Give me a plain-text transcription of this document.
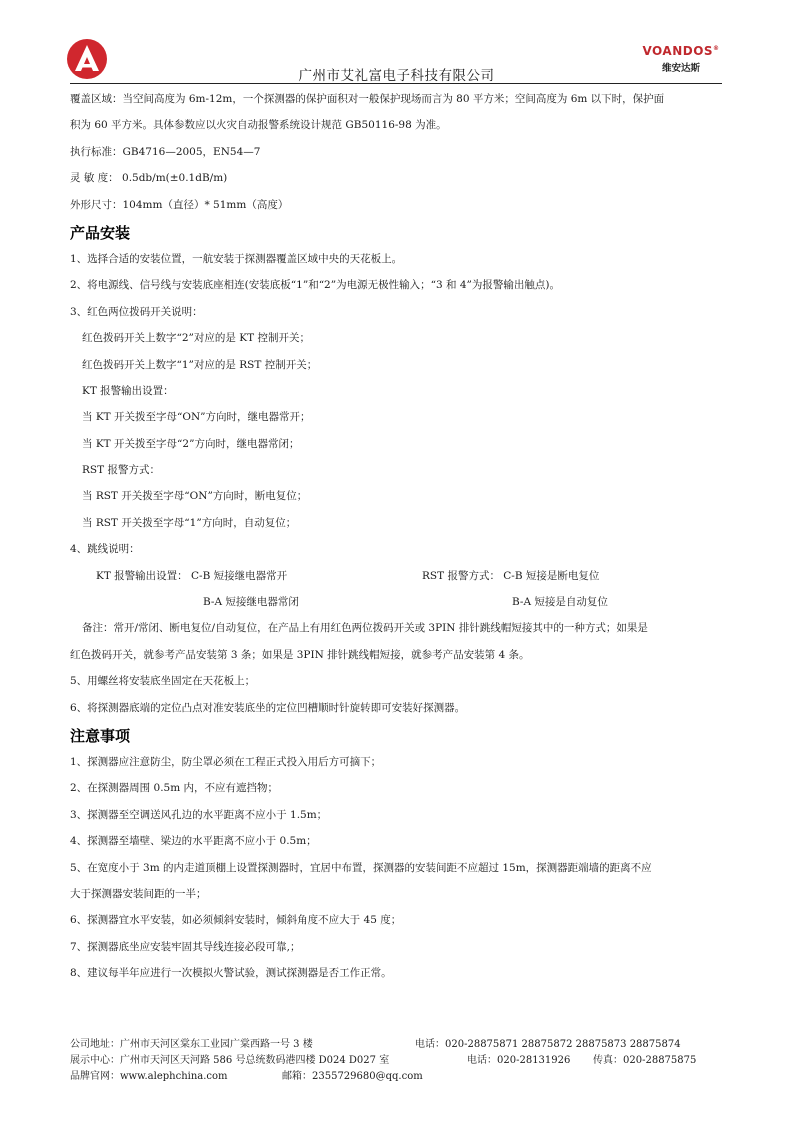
广州市艾礼富电子科技有限公司
VOANDOS®
维安达斯

覆盖区域：当空间高度为 6m-12m，一个探测器的保护面积对一般保护现场而言为 80 平方米；空间高度为 6m 以下时，保护面

积为 60 平方米。具体参数应以火灾自动报警系统设计规范 GB50116-98 为准。

执行标准：GB4716—2005，EN54—7

灵 敏 度： 0.5db/m(±0.1dB/m)

外形尺寸：104mm（直径）* 51mm（高度）

产品安装

1、选择合适的安装位置，一航安装于探测器覆盖区域中央的天花板上。

2、将电源线、信号线与安装底座相连(安装底板“1”和“2”为电源无极性输入；“3 和 4”为报警输出触点)。

3、红色两位拨码开关说明：

红色拨码开关上数字“2”对应的是 KT 控制开关；

红色拨码开关上数字“1”对应的是 RST 控制开关；

KT 报警输出设置：

当 KT 开关拨至字母“ON”方向时，继电器常开；

当 KT 开关拨至字母“2”方向时，继电器常闭；

RST 报警方式：

当 RST 开关拨至字母“ON”方向时，断电复位；

当 RST 开关拨至字母“1”方向时，自动复位；

4、跳线说明：

KT 报警输出设置： C-B 短接继电器常开	RST 报警方式： C-B 短接是断电复位
B-A 短接继电器常闭	B-A 短接是自动复位

备注：常开/常闭、断电复位/自动复位，在产品上有用红色两位拨码开关或 3PIN 排针跳线帽短接其中的一种方式；如果是

红色拨码开关，就参考产品安装第 3 条；如果是 3PIN 排针跳线帽短接，就参考产品安装第 4 条。

5、用螺丝将安装底坐固定在天花板上；

6、将探测器底端的定位凸点对准安装底坐的定位凹槽顺时针旋转即可安装好探测器。

注意事项

1、探测器应注意防尘，防尘罩必须在工程正式投入用后方可摘下；

2、在探测器周围 0.5m 内，不应有遮挡物；

3、探测器至空调送风孔边的水平距离不应小于 1.5m；

4、探测器至墙壁、梁边的水平距离不应小于 0.5m；

5、在宽度小于 3m 的内走道顶棚上设置探测器时，宜居中布置，探测器的安装间距不应超过 15m，探测器距端墙的距离不应

大于探测器安装间距的一半；

6、探测器宜水平安装，如必须倾斜安装时，倾斜角度不应大于 45 度；

7、探测器底坐应安装牢固其导线连接必段可靠,；

8、建议每半年应进行一次模拟火警试验，测试探测器是否工作正常。

公司地址：广州市天河区棠东工业园广棠西路一号 3 楼	电话：020-28875871 28875872 28875873 28875874
展示中心：广州市天河区天河路 586 号总统数码港四楼 D024 D027 室	电话：020-28131926 传真：020-28875875
品牌官网：www.alephchina.com	邮箱：2355729680@qq.com
